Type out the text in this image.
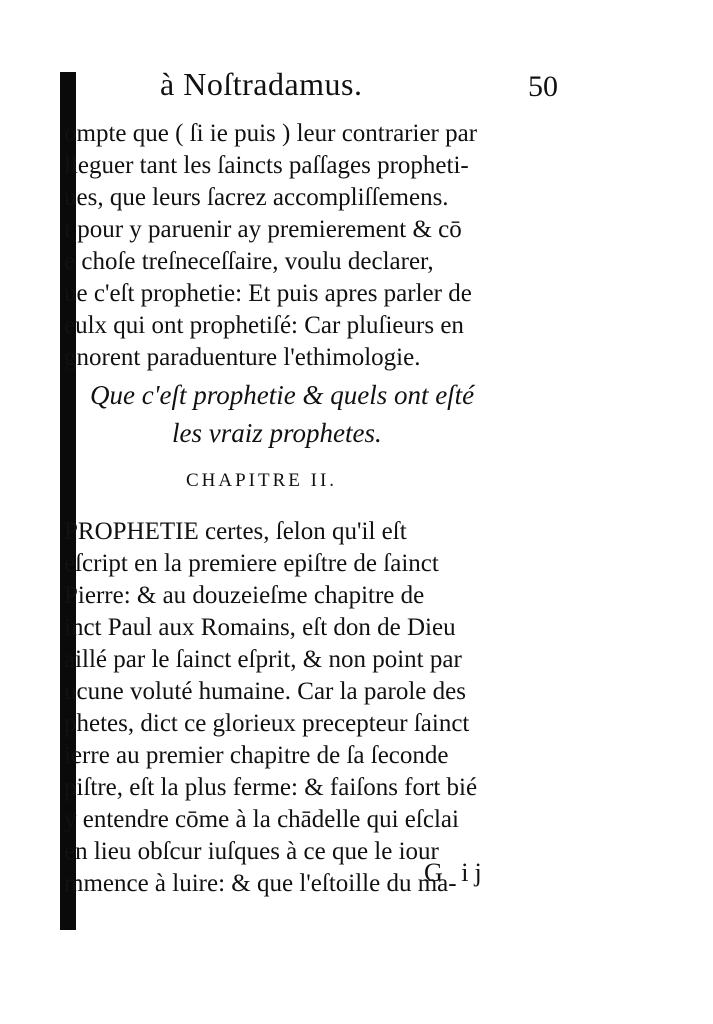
à Noſtradamus.	50
ompte que ( ſi ie puis ) leur contrarier par
lleguer tant les ſaincts paſſages propheti-
ues, que leurs ſacrez accompliſſemens.
t pour y paruenir ay premierement & cō
e choſe treſneceſſaire, voulu declarer,
ue c'eſt prophetie: Et puis apres parler de
eulx qui ont prophetiſé: Car pluſieurs en
gnorent paraduenture l'ethimologie.
Que c'eſt prophetie & quels ont eſté
les vraiz prophetes.
CHAPITRE II.
PROPHETIE certes, ſelon qu'il eſt
eſcript en la premiere epiſtre de ſainct
Pierre: & au douzeieſme chapitre de
inct Paul aux Romains, eſt don de Dieu
aillé par le ſainct eſprit, & non point par
ucune voluté humaine. Car la parole des
phetes, dict ce glorieux precepteur ſainct
ierre au premier chapitre de ſa ſeconde
piſtre, eſt la plus ferme: & faiſons fort bié
y entendre cōme à la chādelle qui eſclai
en lieu obſcur iuſques à ce que le iour
mmence à luire: & que l'eſtoille du ma-
G ij
